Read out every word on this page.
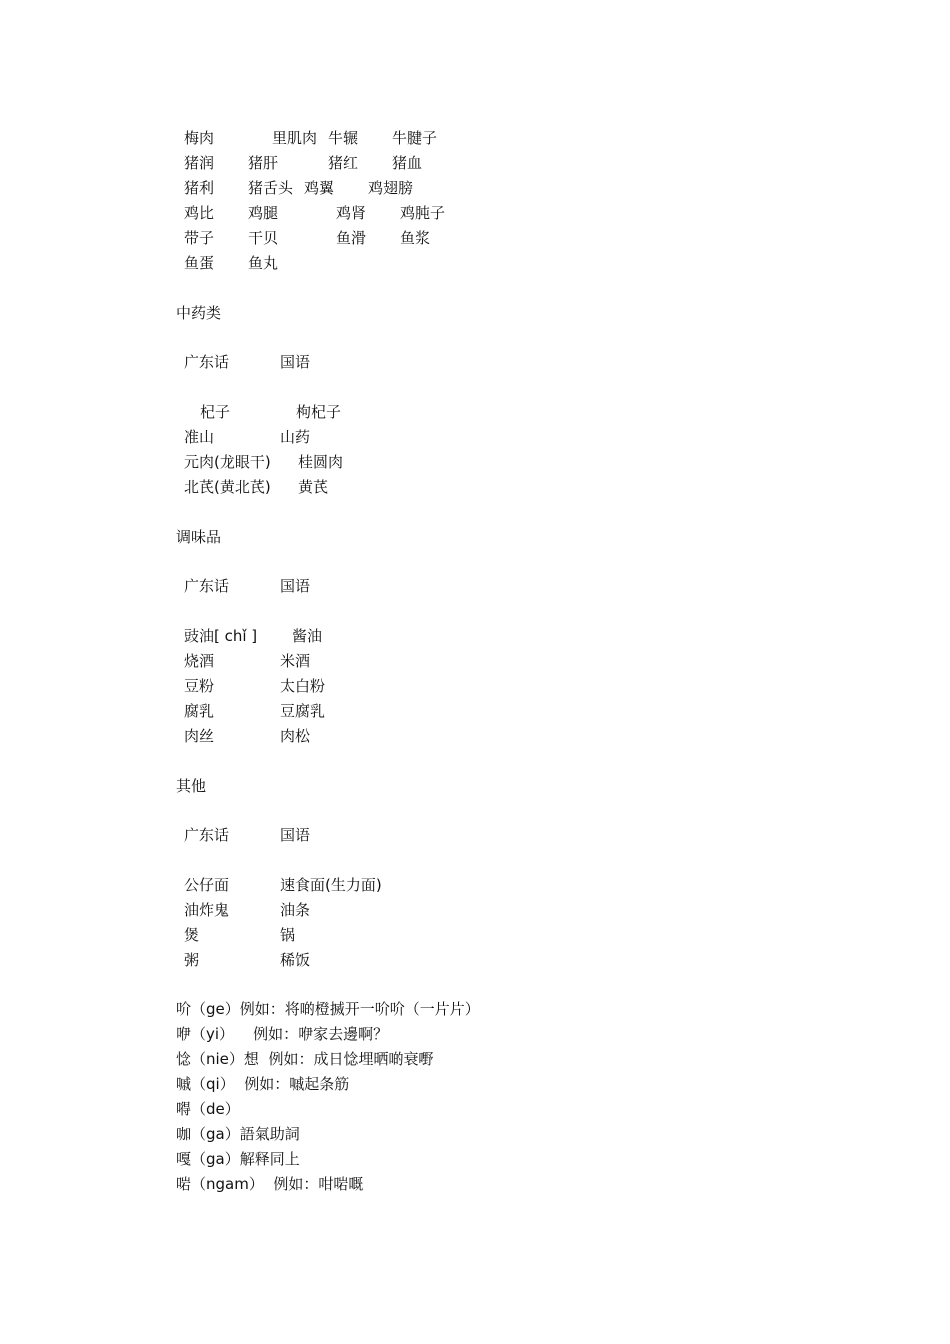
梅肉	里肌肉 牛辗 牛腱子
猪润 猪肝	猪红 猪血
猪利 猪舌头 鸡翼 鸡翅膀
鸡比 鸡腿	鸡肾 鸡肫子
带子 干贝	鱼滑 鱼浆
鱼蛋 鱼丸
中药类
广东话	国语
杞子	枸杞子
准山	山药
元肉(龙眼干) 桂圆肉
北芪(黄北芪) 黄芪
调味品
广东话	国语
豉油[ chǐ ] 酱油
烧酒	米酒
豆粉	太白粉
腐乳	豆腐乳
肉丝	肉松
其他
广东话	国语
公仔面	速食面(生力面)
油炸鬼	油条
煲	锅
粥	稀饭
吤（ge）例如：将啲橙搣开一吤吤（一片片）
咿（yi）    例如：咿家去邊啊？
惗（nie）想  例如：成日惗埋晒啲衰嘢
嘁（qi）  例如：嘁起条筋
嘚（de）
咖（ga）語氣助詞
嘎（ga）解释同上
啱（ngam）  例如：咁啱嘅
